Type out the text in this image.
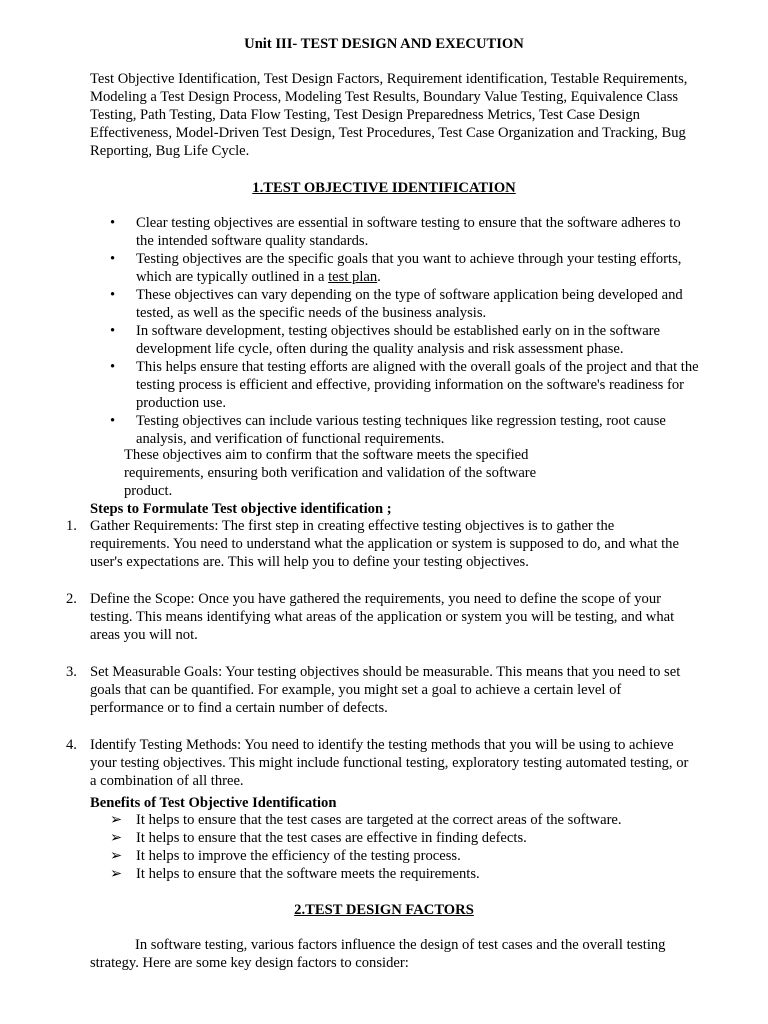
Unit III- TEST DESIGN AND EXECUTION
Test Objective Identification, Test Design Factors, Requirement identification, Testable Requirements, Modeling a Test Design Process, Modeling Test Results, Boundary Value Testing, Equivalence Class Testing, Path Testing, Data Flow Testing, Test Design Preparedness Metrics, Test Case Design Effectiveness, Model-Driven Test Design, Test Procedures, Test Case Organization and Tracking, Bug Reporting, Bug Life Cycle.
1.TEST OBJECTIVE IDENTIFICATION
• Clear testing objectives are essential in software testing to ensure that the software adheres to the intended software quality standards.
• Testing objectives are the specific goals that you want to achieve through your testing efforts, which are typically outlined in a test plan.
• These objectives can vary depending on the type of software application being developed and tested, as well as the specific needs of the business analysis.
• In software development, testing objectives should be established early on in the software development life cycle, often during the quality analysis and risk assessment phase.
• This helps ensure that testing efforts are aligned with the overall goals of the project and that the testing process is efficient and effective, providing information on the software's readiness for production use.
• Testing objectives can include various testing techniques like regression testing, root cause analysis, and verification of functional requirements.
These objectives aim to confirm that the software meets the specified requirements, ensuring both verification and validation of the software product.
Steps to Formulate Test objective identification ;
1. Gather Requirements: The first step in creating effective testing objectives is to gather the requirements. You need to understand what the application or system is supposed to do, and what the user's expectations are. This will help you to define your testing objectives.
2. Define the Scope: Once you have gathered the requirements, you need to define the scope of your testing. This means identifying what areas of the application or system you will be testing, and what areas you will not.
3. Set Measurable Goals: Your testing objectives should be measurable. This means that you need to set goals that can be quantified. For example, you might set a goal to achieve a certain level of performance or to find a certain number of defects.
4. Identify Testing Methods: You need to identify the testing methods that you will be using to achieve your testing objectives. This might include functional testing, exploratory testing automated testing, or a combination of all three.
Benefits of Test Objective Identification
➢ It helps to ensure that the test cases are targeted at the correct areas of the software.
➢ It helps to ensure that the test cases are effective in finding defects.
➢ It helps to improve the efficiency of the testing process.
➢ It helps to ensure that the software meets the requirements.
2.TEST DESIGN FACTORS
In software testing, various factors influence the design of test cases and the overall testing strategy. Here are some key design factors to consider:
